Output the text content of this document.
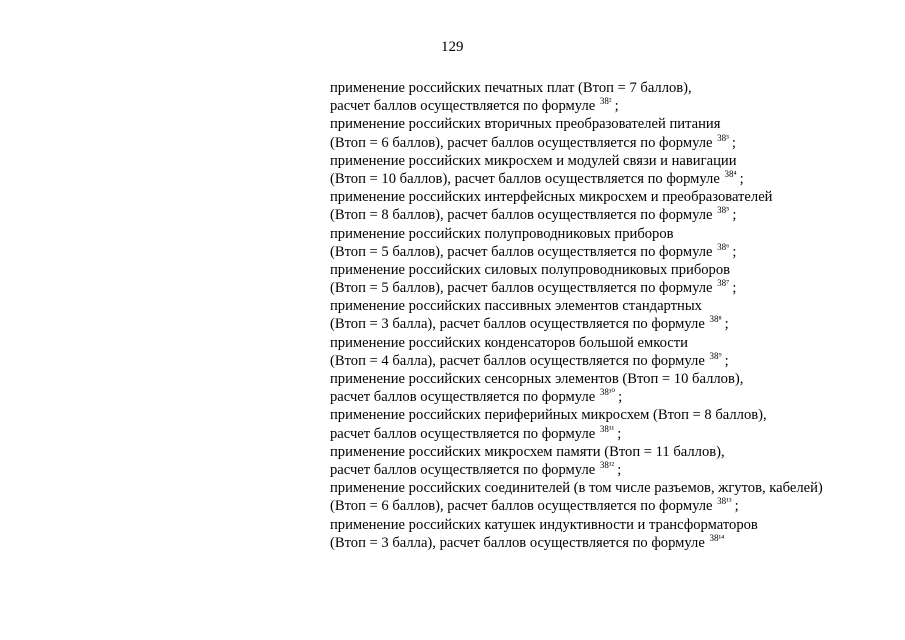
129
применение российских печатных плат (Втоп = 7 баллов),
расчет баллов осуществляется по формуле $^{38^2}$ ;
применение российских вторичных преобразователей питания
(Втоп = 6 баллов), расчет баллов осуществляется по формуле $^{38^3}$ ;
применение российских микросхем и модулей связи и навигации
(Втоп = 10 баллов), расчет баллов осуществляется по формуле $^{38^4}$ ;
применение российских интерфейсных микросхем и преобразователей
(Втоп = 8 баллов), расчет баллов осуществляется по формуле $^{38^5}$ ;
применение российских полупроводниковых приборов
(Втоп = 5 баллов), расчет баллов осуществляется по формуле $^{38^6}$ ;
применение российских силовых полупроводниковых приборов
(Втоп = 5 баллов), расчет баллов осуществляется по формуле $^{38^7}$ ;
применение российских пассивных элементов стандартных
(Втоп = 3 балла), расчет баллов осуществляется по формуле $^{38^8}$ ;
применение российских конденсаторов большой емкости
(Втоп = 4 балла), расчет баллов осуществляется по формуле $^{38^9}$ ;
применение российских сенсорных элементов (Втоп = 10 баллов),
расчет баллов осуществляется по формуле $^{38^{10}}$ ;
применение российских периферийных микросхем (Втоп = 8 баллов),
расчет баллов осуществляется по формуле $^{38^{11}}$ ;
применение российских микросхем памяти (Втоп = 11 баллов),
расчет баллов осуществляется по формуле $^{38^{12}}$ ;
применение российских соединителей (в том числе разъемов, жгутов, кабелей)
(Втоп = 6 баллов), расчет баллов осуществляется по формуле $^{38^{13}}$ ;
применение российских катушек индуктивности и трансформаторов
(Втоп = 3 балла), расчет баллов осуществляется по формуле $^{38^{14}}$
